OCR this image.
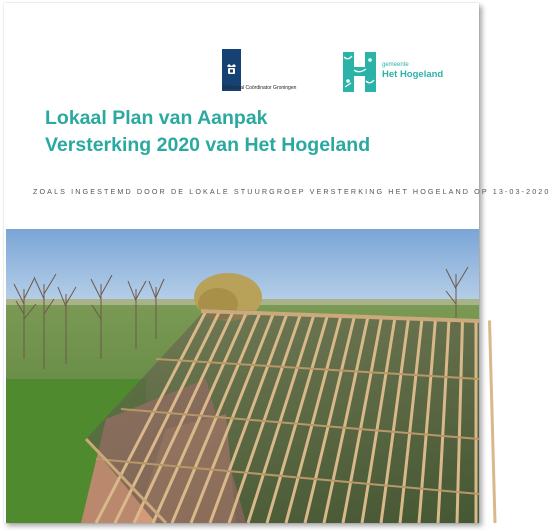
Nationaal Coördinator Groningen
gemeente
Het Hogeland
Lokaal Plan van Aanpak
Versterking 2020 van Het Hogeland
ZOALS INGESTEMD DOOR DE LOKALE STUURGROEP VERSTERKING HET HOGELAND OP 13-03-2020
